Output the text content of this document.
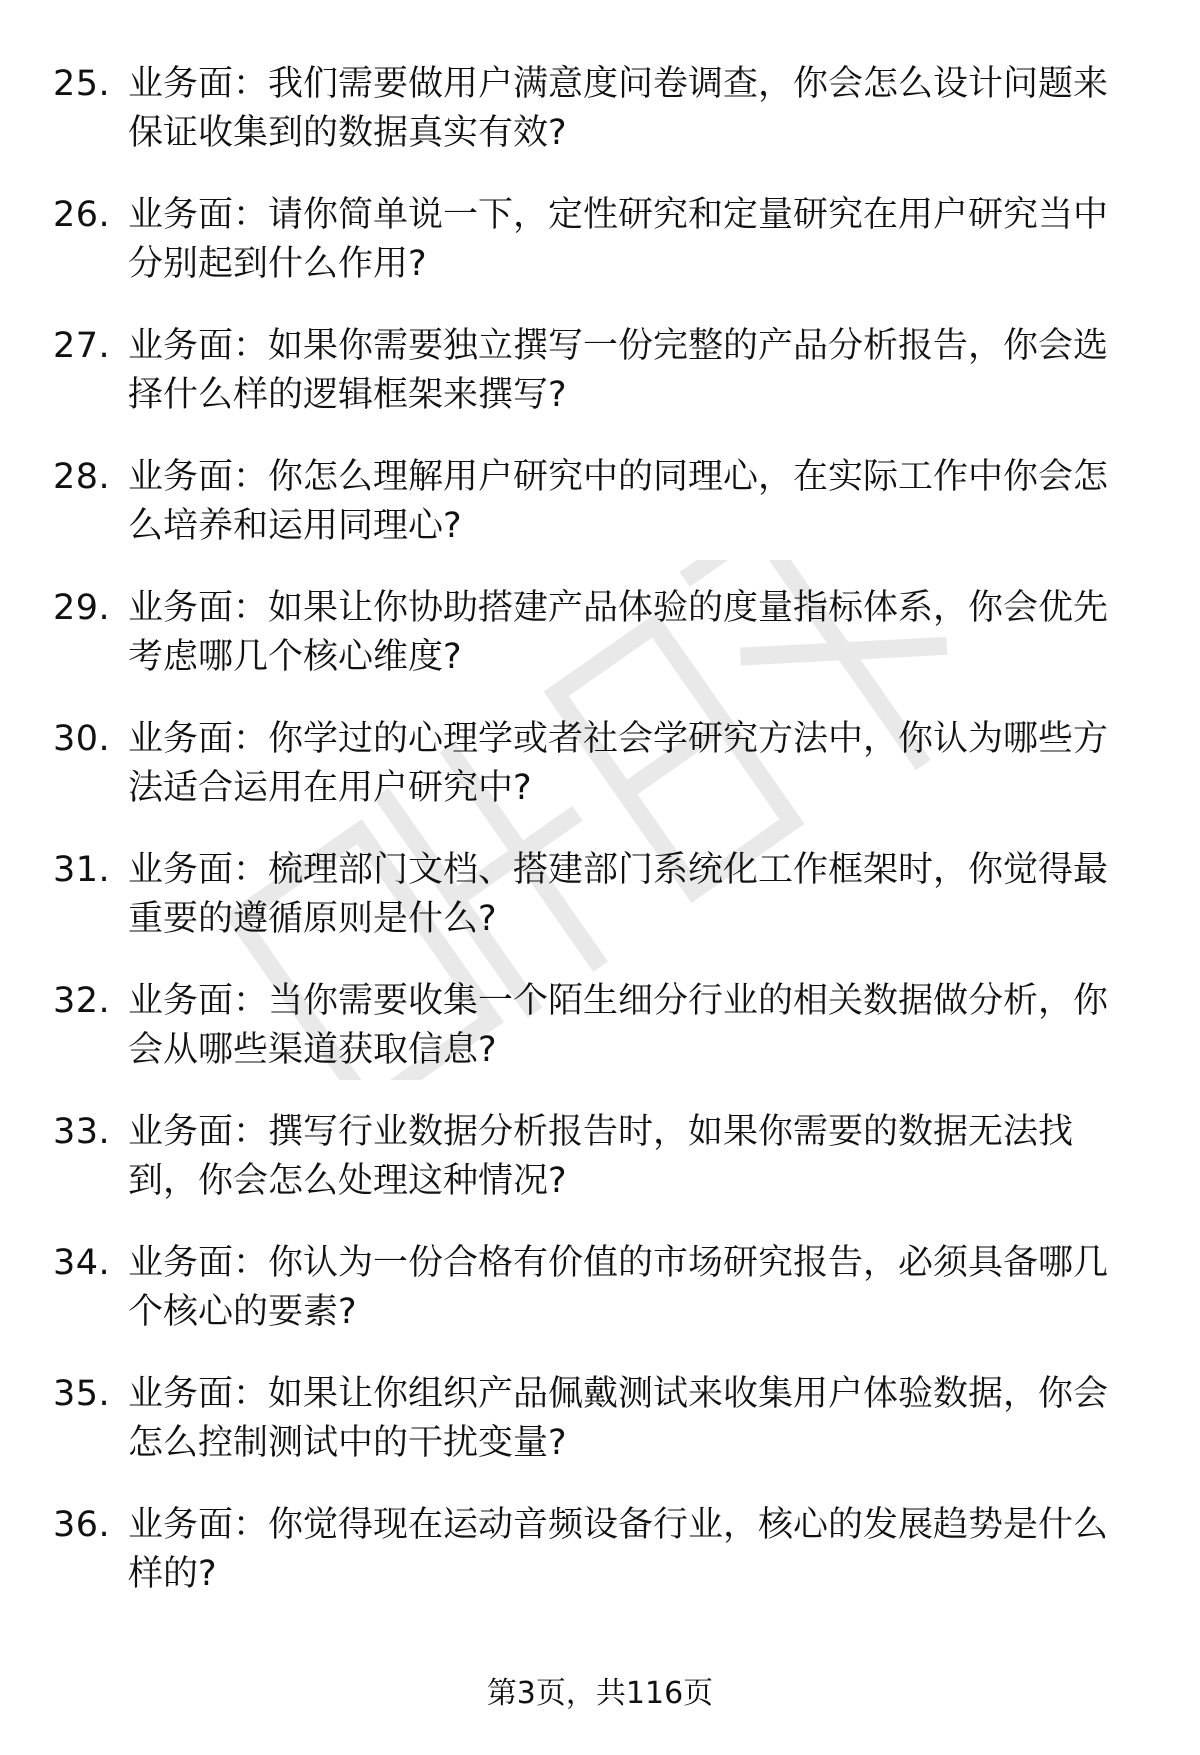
25. 业务面：我们需要做用户满意度问卷调查，你会怎么设计问题来保证收集到的数据真实有效?
26. 业务面：请你简单说一下，定性研究和定量研究在用户研究当中分别起到什么作用?
27. 业务面：如果你需要独立撰写一份完整的产品分析报告，你会选择什么样的逻辑框架来撰写?
28. 业务面：你怎么理解用户研究中的同理心，在实际工作中你会怎么培养和运用同理心?
29. 业务面：如果让你协助搭建产品体验的度量指标体系，你会优先考虑哪几个核心维度?
30. 业务面：你学过的心理学或者社会学研究方法中，你认为哪些方法适合运用在用户研究中?
31. 业务面：梳理部门文档、搭建部门系统化工作框架时，你觉得最重要的遵循原则是什么?
32. 业务面：当你需要收集一个陌生细分行业的相关数据做分析，你会从哪些渠道获取信息?
33. 业务面：撰写行业数据分析报告时，如果你需要的数据无法找到，你会怎么处理这种情况?
34. 业务面：你认为一份合格有价值的市场研究报告，必须具备哪几个核心的要素?
35. 业务面：如果让你组织产品佩戴测试来收集用户体验数据，你会怎么控制测试中的干扰变量?
36. 业务面：你觉得现在运动音频设备行业，核心的发展趋势是什么样的?
第3页，共116页
